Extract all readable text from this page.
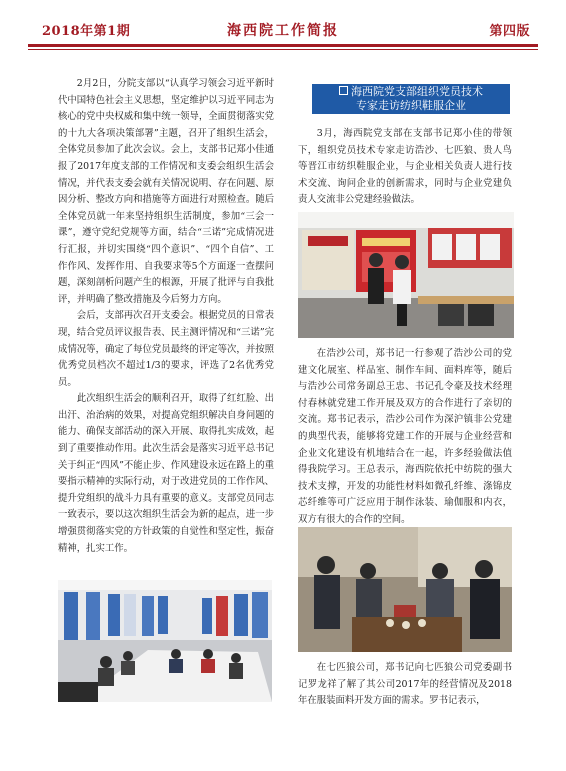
2018年第1期	海西院工作简报	第四版

2月2日，分院支部以“认真学习领会习近平新时代中国特色社会主义思想，坚定维护以习近平同志为核心的党中央权威和集中统一领导，全面贯彻落实党的十九大各项决策部署”主题，召开了组织生活会，全体党员参加了此次会议。会上，支部书记郑小佳通报了2017年度支部的工作情况和支委会组织生活会情况，并代表支委会就有关情况说明、存在问题、原因分析、整改方向和措施等方面进行对照检查。随后全体党员就一年来坚持组织生活制度，参加“三会一课”，遵守党纪党规等方面，结合“三诺”完成情况进行汇报，并切实围绕“四个意识”、“四个自信”、工作作风、发挥作用、自我要求等5个方面逐一查摆问题，深刻剖析问题产生的根源，开展了批评与自我批评，并明确了整改措施及今后努力方向。

会后，支部再次召开支委会。根据党员的日常表现，结合党员评议报告表、民主测评情况和“三诺”完成情况等，确定了每位党员最终的评定等次，并按照优秀党员档次不超过1/3的要求，评选了2名优秀党员。

此次组织生活会的顺利召开，取得了红红脸、出出汗、治治病的效果，对提高党组织解决自身问题的能力、确保支部活动的深入开展、取得扎实成效，起到了重要推动作用。此次生活会是落实习近平总书记关于纠正“四风”不能止步、作风建设永远在路上的重要指示精神的实际行动，对于改进党员的工作作风、提升党组织的战斗力具有重要的意义。支部党员同志一致表示，要以这次组织生活会为新的起点，进一步增强贯彻落实党的方针政策的自觉性和坚定性，振奋精神，扎实工作。

海西院党支部组织党员技术
专家走访纺织鞋服企业

3月，海西院党支部在支部书记郑小佳的带领下，组织党员技术专家走访浩沙、七匹狼、贵人鸟等晋江市纺织鞋服企业，与企业相关负责人进行技术交流、询问企业的创新需求，同时与企业党建负责人交流非公党建经验做法。

在浩沙公司，郑书记一行参观了浩沙公司的党建文化展室、样品室、制作车间、面料库等，随后与浩沙公司常务副总王忠、书记孔令豪及技术经理付春林就党建工作开展及双方的合作进行了亲切的交流。郑书记表示，浩沙公司作为深沪镇非公党建的典型代表，能够将党建工作的开展与企业经营和企业文化建设有机地结合在一起，许多经验做法值得我院学习。王总表示，海西院依托中纺院的强大技术支撑，开发的功能性材料如微孔纤维、涤锦皮芯纤维等可广泛应用于制作泳装、瑜伽服和内衣，双方有很大的合作的空间。

在七匹狼公司，郑书记向七匹狼公司党委副书记罗龙祥了解了其公司2017年的经营情况及2018年在服装面料开发方面的需求。罗书记表示，
